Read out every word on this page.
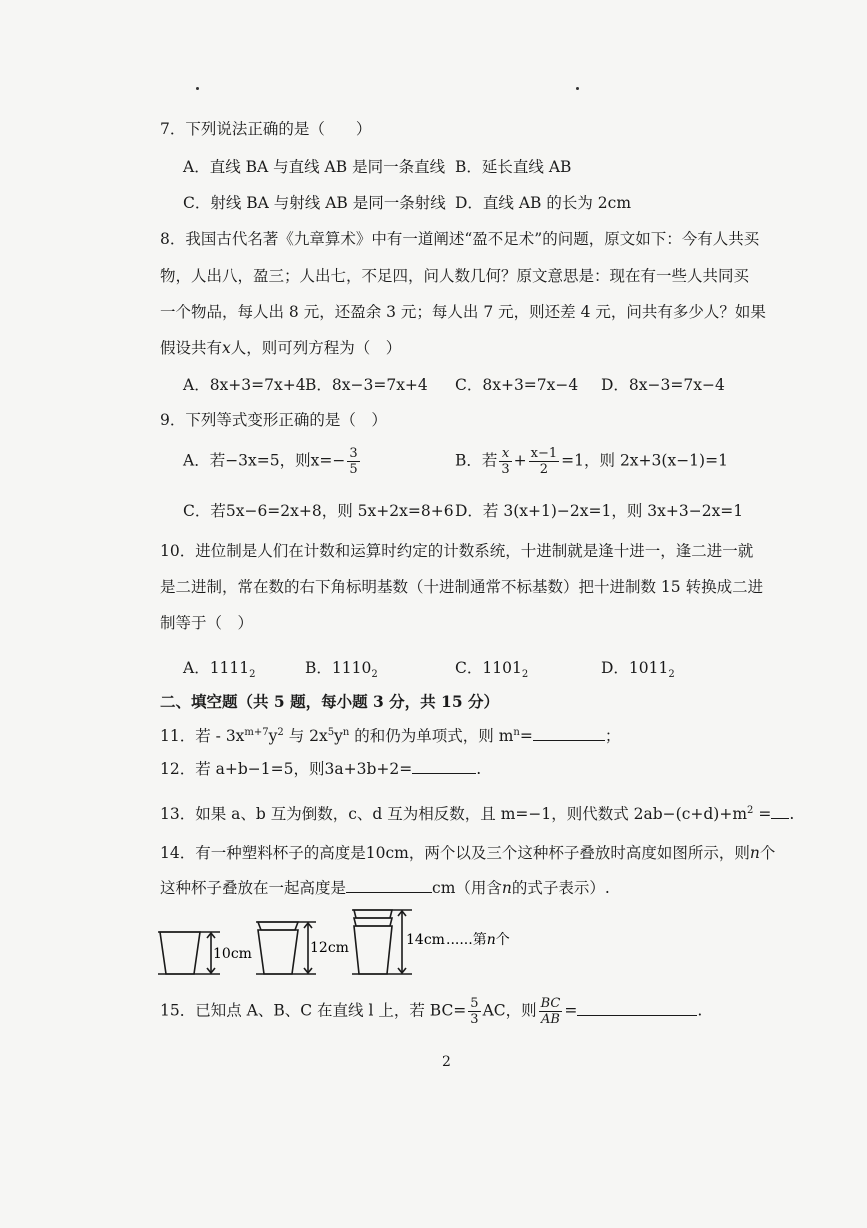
7．下列说法正确的是（　　）
A．直线 BA 与直线 AB 是同一条直线 B．延长直线 AB
C．射线 BA 与射线 AB 是同一条射线 D．直线 AB 的长为 2cm
8．我国古代名著《九章算术》中有一道阐述“盈不足术”的问题，原文如下：今有人共买
物，人出八，盈三；人出七，不足四，问人数几何？原文意思是：现在有一些人共同买
一个物品，每人出 8 元，还盈余 3 元；每人出 7 元，则还差 4 元，问共有多少人？如果
假设共有x人，则可列方程为（　）
A．8x+3=7x+4 B．8x−3=7x+4 C．8x+3=7x−4 D．8x−3=7x−4
9．下列等式变形正确的是（　）
A．若−3x=5，则$x=- \frac{3}{5}$	B．若 $\frac{x}{3} + \frac{x-1}{2} =1$，则 2x+3(x−1)=1
C．若5x−6=2x+8，则 5x+2x=8+6 D．若 3(x+1)−2x=1，则 3x+3−2x=1
10．进位制是人们在计数和运算时约定的计数系统，十进制就是逢十进一，逢二进一就
是二进制，常在数的右下角标明基数（十进制通常不标基数）把十进制数 15 转换成二进
制等于（　）
A．$1111_2$	B．$1110_2$	C．$1101_2$	D．$1011_2$
二、填空题（共 5 题，每小题 3 分，共 15 分）
11．若 - $3x^{m+7}y^2$ 与 $2x^5y^n$ 的和仍为单项式，则 $m^n=$	；
12．若 a+b−1=5，则3a+3b+2=	.
13．如果 a、b 互为倒数，c、d 互为相反数，且 m=−1，则代数式 $2ab-(c+d)+m^2$ = .
14．有一种塑料杯子的高度是10cm，两个以及三个这种杯子叠放时高度如图所示，则n个
这种杯子叠放在一起高度是	cm（用含n的式子表示）.
10cm	12cm	14cm ......第n个
15．已知点 A、B、C 在直线 l 上，若 $BC= \frac{5}{3}$ AC，则 $\frac{BC}{AB}$ =	.
2
